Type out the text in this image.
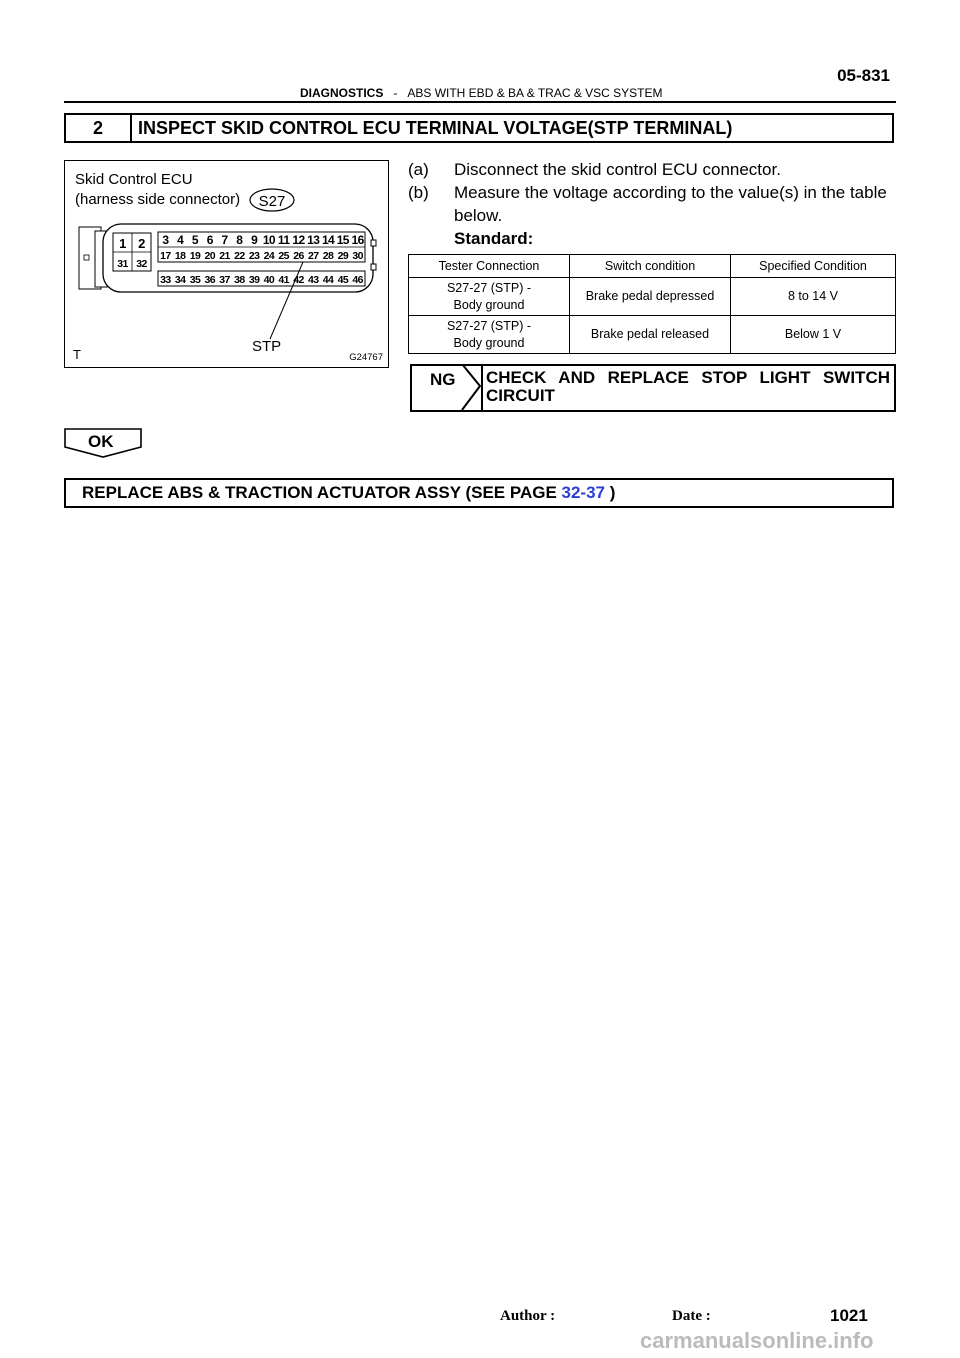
05-831
DIAGNOSTICS - ABS WITH EBD & BA & TRAC & VSC SYSTEM
2	INSPECT SKID CONTROL ECU TERMINAL VOLTAGE(STP TERMINAL)
Skid Control ECU
(harness side connector) S27
1 2
31 32
3 4 5 6 7 8 9 10 11 12 13 14 15 16
17 18 19 20 21 22 23 24 25 26 27 28 29 30
33 34 35 36 37 38 39 40 41 42 43 44 45 46
STP
T	G24767
(a) Disconnect the skid control ECU connector.
(b) Measure the voltage according to the value(s) in the table
below.
Standard:
Tester Connection	Switch condition	Specified Condition
S27-27 (STP) -
Body ground	Brake pedal depressed	8 to 14 V
S27-27 (STP) -
Body ground	Brake pedal released	Below 1 V
NG CHECK AND REPLACE STOP LIGHT SWITCH
CIRCUIT
OK
REPLACE ABS & TRACTION ACTUATOR ASSY (SEE PAGE 32-37 )
Author :	Date :	1021
carmanualsonline.info
